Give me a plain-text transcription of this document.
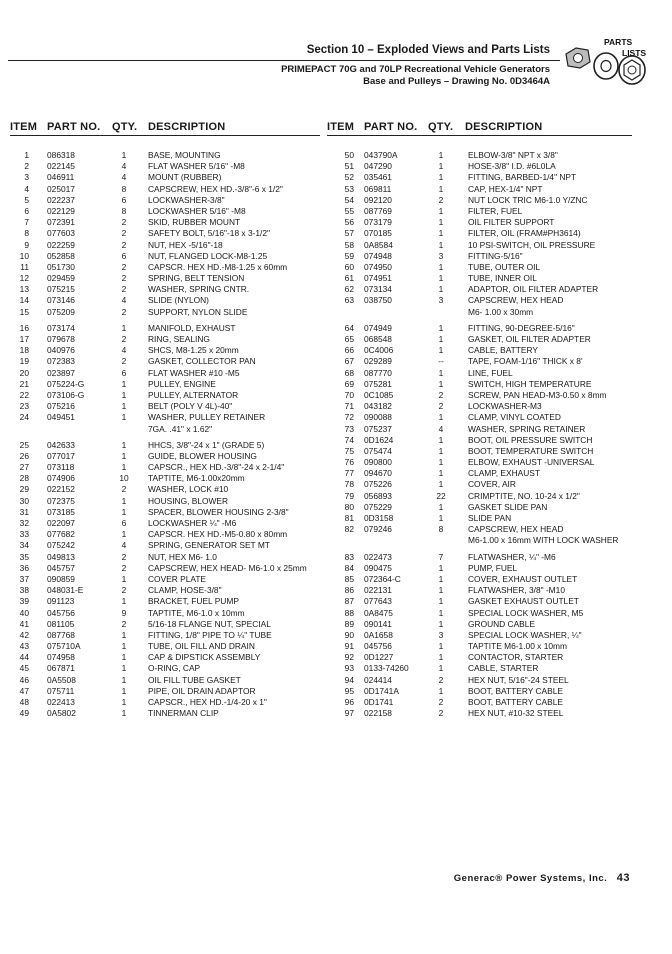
Section 10 – Exploded Views and Parts Lists
PRIMEPACT 70G and 70LP Recreational Vehicle Generators
Base and Pulleys – Drawing No. 0D3464A
PARTS
LISTS
ITEM PART NO. QTY. DESCRIPTION	ITEM PART NO. QTY. DESCRIPTION
1 086318	1	BASE, MOUNTING
2 022145	4	FLAT WASHER 5/16" -M8
3 046911	4	MOUNT (RUBBER)
4 025017	8	CAPSCREW, HEX HD.-3/8"-6 x 1/2"
5 022237	6	LOCKWASHER-3/8"
6 022129	8	LOCKWASHER 5/16" -M8
7 072391	2	SKID, RUBBER MOUNT
8 077603	2	SAFETY BOLT, 5/16"-18 x 3-1/2"
9 022259	2	NUT, HEX -5/16"-18
10 052858	6	NUT, FLANGED LOCK-M8-1.25
11 051730	2	CAPSCR. HEX HD.-M8-1.25 x 60mm
12 029459	2	SPRING, BELT TENSION
13 075215	2	WASHER, SPRING CNTR.
14 073146	4	SLIDE (NYLON)
15 075209	2	SUPPORT, NYLON SLIDE
16 073174	1	MANIFOLD, EXHAUST
17 079678	2	RING, SEALING
18 040976	4	SHCS, M8-1.25 x 20mm
19 072383	2	GASKET, COLLECTOR PAN
20 023897	6	FLAT WASHER #10 -M5
21 075224-G	1	PULLEY, ENGINE
22 073106-G	1	PULLEY, ALTERNATOR
23 075216	1	BELT (POLY V 4L)-40"
24 049451	1	WASHER, PULLEY RETAINER
7GA. .41" x 1.62"
25 042633	1	HHCS, 3/8"-24 x 1" (GRADE 5)
26 077017	1	GUIDE, BLOWER HOUSING
27 073118	1	CAPSCR., HEX HD.-3/8"-24 x 2-1/4"
28 074906	10	TAPTITE, M6-1.00x20mm
29 022152	2	WASHER, LOCK #10
30 072375	1	HOUSING, BLOWER
31 073185	1	SPACER, BLOWER HOUSING 2-3/8"
32 022097	6	LOCKWASHER ¼" -M6
33 077682	1	CAPSCR. HEX HD.-M5-0.80 x 80mm
34 075242	4	SPRING, GENERATOR SET MT
35 049813	2	NUT, HEX M6- 1.0
36 045757	2	CAPSCREW, HEX HEAD- M6-1.0 x 25mm
37 090859	1	COVER PLATE
38 048031-E	2	CLAMP, HOSE-3/8"
39 091123	1	BRACKET, FUEL PUMP
40 045756	9	TAPTITE, M6-1.0 x 10mm
41 081105	2	5/16-18 FLANGE NUT, SPECIAL
42 087768	1	FITTING, 1/8" PIPE TO ¼" TUBE
43 075710A	1	TUBE, OIL FILL AND DRAIN
44 074958	1	CAP & DIPSTICK ASSEMBLY
45 067871	1	O-RING, CAP
46 0A5508	1	OIL FILL TUBE GASKET
47 075711	1	PIPE, OIL DRAIN ADAPTOR
48 022413	1	CAPSCR., HEX HD.-1/4-20 x 1"
49 0A5802	1	TINNERMAN CLIP
50 043790A	1	ELBOW-3/8" NPT x 3/8"
51 047290	1	HOSE-3/8" I.D. #6L0LA
52 035461	1	FITTING, BARBED-1/4" NPT
53 069811	1	CAP, HEX-1/4" NPT
54 092120	2	NUT LOCK TRIC M6-1.0 Y/ZNC
55 087769	1	FILTER, FUEL
56 073179	1	OIL FILTER SUPPORT
57 070185	1	FILTER, OIL (FRAM#PH3614)
58 0A8584	1	10 PSI-SWITCH, OIL PRESSURE
59 074948	3	FITTING-5/16"
60 074950	1	TUBE, OUTER OIL
61 074951	1	TUBE, INNER OIL
62 073134	1	ADAPTOR, OIL FILTER ADAPTER
63 038750	3	CAPSCREW, HEX HEAD
M6- 1.00 x 30mm
64 074949	1	FITTING, 90-DEGREE-5/16"
65 068548	1	GASKET, OIL FILTER ADAPTER
66 0C4006	1	CABLE, BATTERY
67 029289	--	TAPE, FOAM-1/16" THICK x 8'
68 087770	1	LINE, FUEL
69 075281	1	SWITCH, HIGH TEMPERATURE
70 0C1085	2	SCREW, PAN HEAD-M3-0.50 x 8mm
71 043182	2	LOCKWASHER-M3
72 090088	1	CLAMP, VINYL COATED
73 075237	4	WASHER, SPRING RETAINER
74 0D1624	1	BOOT, OIL PRESSURE SWITCH
75 075474	1	BOOT, TEMPERATURE SWITCH
76 090800	1	ELBOW, EXHAUST -UNIVERSAL
77 094670	1	CLAMP, EXHAUST
78 075226	1	COVER, AIR
79 056893	22	CRIMPTITE, NO. 10-24 x 1/2"
80 075229	1	GASKET SLIDE PAN
81 0D3158	1	SLIDE PAN
82 079246	8	CAPSCREW, HEX HEAD
M6-1.00 x 16mm WITH LOCK WASHER
83 022473	7	FLATWASHER, ¼" -M6
84 090475	1	PUMP, FUEL
85 072364-C	1	COVER, EXHAUST OUTLET
86 022131	1	FLATWASHER, 3/8" -M10
87 077643	1	GASKET EXHAUST OUTLET
88 0A8475	1	SPECIAL LOCK WASHER, M5
89 090141	1	GROUND CABLE
90 0A1658	3	SPECIAL LOCK WASHER, ¼"
91 045756	1	TAPTITE M6-1.00 x 10mm
92 0D1227	1	CONTACTOR, STARTER
93 0133-74260	1	CABLE, STARTER
94 024414	2	HEX NUT, 5/16"-24 STEEL
95 0D1741A	1	BOOT, BATTERY CABLE
96 0D1741	2	BOOT, BATTERY CABLE
97 022158	2	HEX NUT, #10-32 STEEL
Generac® Power Systems, Inc. 43
